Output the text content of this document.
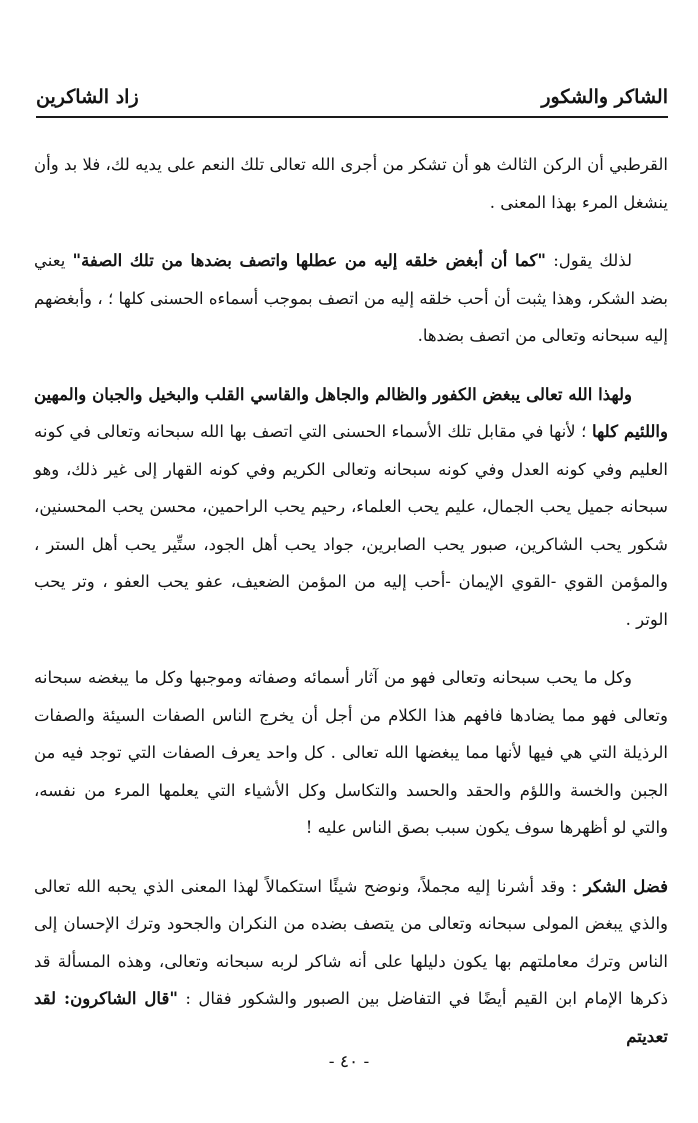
الشاكر والشكور
زاد الشاكرين

القرطبي أن الركن الثالث هو أن تشكر من أجرى الله تعالى تلك النعم على يديه لك، فلا بد وأن ينشغل المرء بهذا المعنى .

لذلك يقول: "كما أن أبغض خلقه إليه من عطلها واتصف بضدها من تلك الصفة" يعني بضد الشكر، وهذا يثبت أن أحب خلقه إليه من اتصف بموجب أسماءه الحسنى كلها ؛ ، وأبغضهم إليه سبحانه وتعالى من اتصف بضدها.

ولهذا الله تعالى يبغض الكفور والظالم والجاهل والقاسي القلب والبخيل والجبان والمهين واللئيم كلها ؛ لأنها في مقابل تلك الأسماء الحسنى التي اتصف بها الله سبحانه وتعالى في كونه العليم وفي كونه العدل وفي كونه سبحانه وتعالى الكريم وفي كونه القهار إلى غير ذلك، وهو سبحانه جميل يحب الجمال، عليم يحب العلماء، رحيم يحب الراحمين، محسن يحب المحسنين، شكور يحب الشاكرين، صبور يحب الصابرين، جواد يحب أهل الجود، ستِّير يحب أهل الستر ، والمؤمن القوي -القوي الإيمان -أحب إليه من المؤمن الضعيف، عفو يحب العفو ، وتر يحب الوتر .

وكل ما يحب سبحانه وتعالى فهو من آثار أسمائه وصفاته وموجبها وكل ما يبغضه سبحانه وتعالى فهو مما يضادها فافهم هذا الكلام من أجل أن يخرج الناس الصفات السيئة والصفات الرذيلة التي هي فيها لأنها مما يبغضها الله تعالى . كل واحد يعرف الصفات التي توجد فيه من الجبن والخسة واللؤم والحقد والحسد والتكاسل وكل الأشياء التي يعلمها المرء من نفسه، والتي لو أظهرها سوف يكون سبب بصق الناس عليه !

فضل الشكر : وقد أشرنا إليه مجملاً، ونوضح شيئًا استكمالاً لهذا المعنى الذي يحبه الله تعالى والذي يبغض المولى سبحانه وتعالى من يتصف بضده من النكران والجحود وترك الإحسان إلى الناس وترك معاملتهم بها يكون دليلها على أنه شاكر لربه سبحانه وتعالى، وهذه المسألة قد ذكرها الإمام ابن القيم أيضًا في التفاضل بين الصبور والشكور فقال : "قال الشاكرون: لقد تعديتم

- ٤٠ -
